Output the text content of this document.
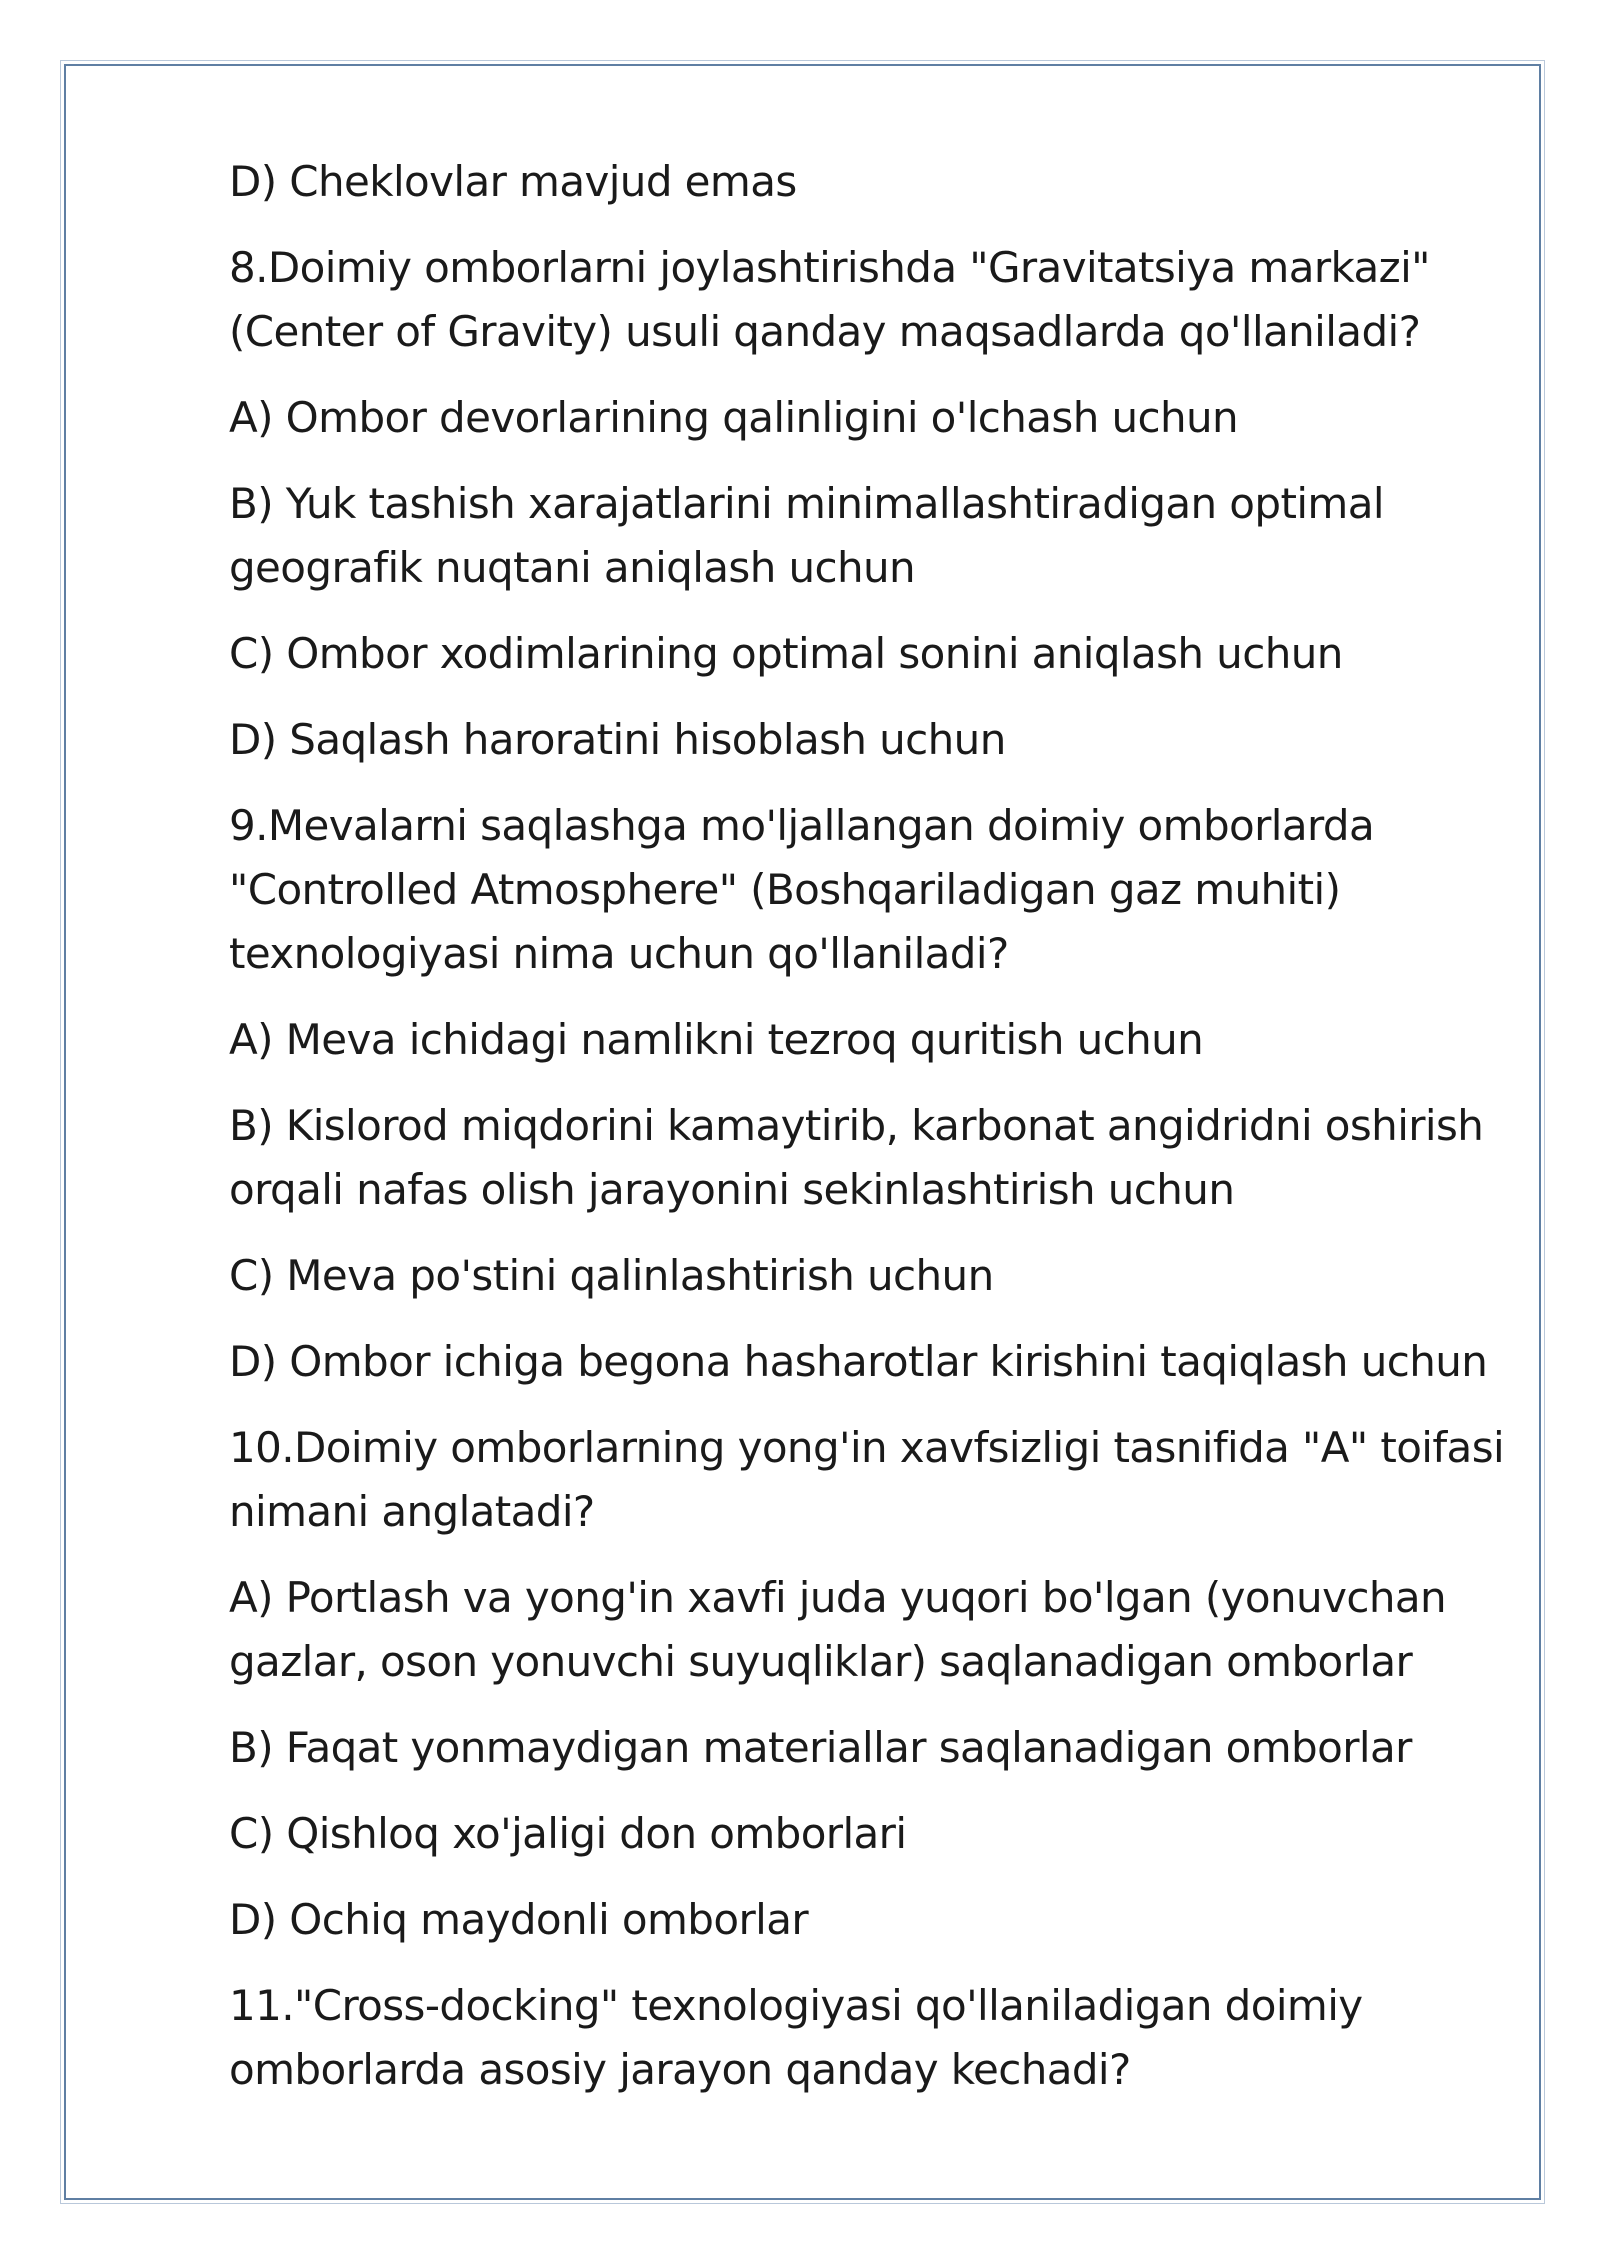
D) Cheklovlar mavjud emas

8.Doimiy omborlarni joylashtirishda "Gravitatsiya markazi"

(Center of Gravity) usuli qanday maqsadlarda qo'llaniladi?

A) Ombor devorlarining qalinligini o'lchash uchun

B) Yuk tashish xarajatlarini minimallashtiradigan optimal

geografik nuqtani aniqlash uchun

C) Ombor xodimlarining optimal sonini aniqlash uchun

D) Saqlash haroratini hisoblash uchun

9.Mevalarni saqlashga mo'ljallangan doimiy omborlarda

"Controlled Atmosphere" (Boshqariladigan gaz muhiti)

texnologiyasi nima uchun qo'llaniladi?

A) Meva ichidagi namlikni tezroq quritish uchun

B) Kislorod miqdorini kamaytirib, karbonat angidridni oshirish

orqali nafas olish jarayonini sekinlashtirish uchun

C) Meva po'stini qalinlashtirish uchun

D) Ombor ichiga begona hasharotlar kirishini taqiqlash uchun

10.Doimiy omborlarning yong'in xavfsizligi tasnifida "A" toifasi

nimani anglatadi?

A) Portlash va yong'in xavfi juda yuqori bo'lgan (yonuvchan

gazlar, oson yonuvchi suyuqliklar) saqlanadigan omborlar

B) Faqat yonmaydigan materiallar saqlanadigan omborlar

C) Qishloq xo'jaligi don omborlari

D) Ochiq maydonli omborlar

11."Cross-docking" texnologiyasi qo'llaniladigan doimiy

omborlarda asosiy jarayon qanday kechadi?
